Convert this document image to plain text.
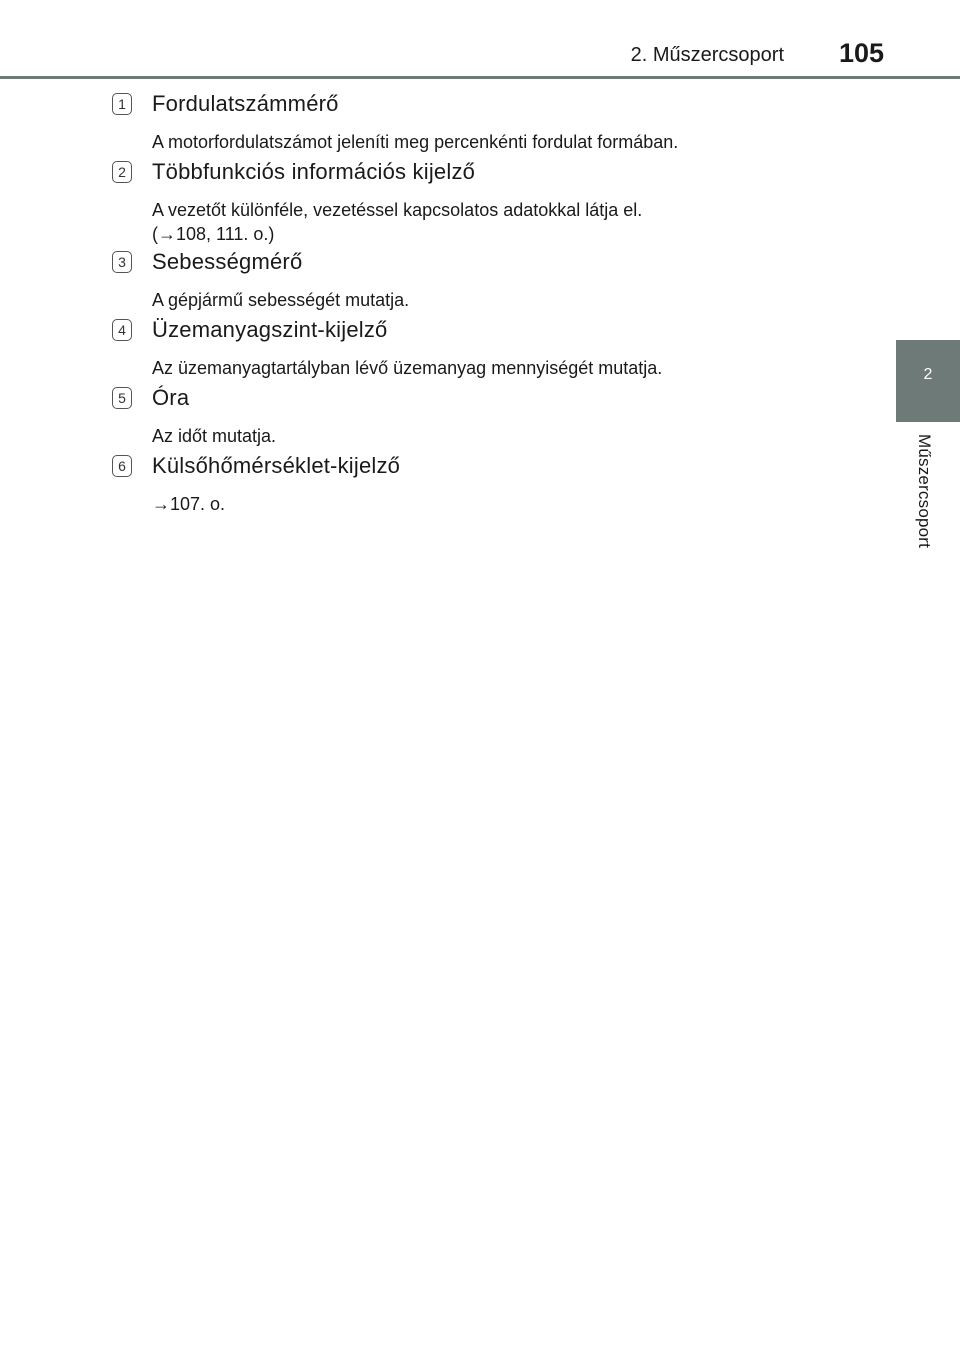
2. Műszercsoport 105
2
Műszercsoport
1 Fordulatszámmérő
A motorfordulatszámot jeleníti meg percenkénti fordulat formában.
2 Többfunkciós információs kijelző
A vezetőt különféle, vezetéssel kapcsolatos adatokkal látja el.
(→108, 111. o.)
3 Sebességmérő
A gépjármű sebességét mutatja.
4 Üzemanyagszint-kijelző
Az üzemanyagtartályban lévő üzemanyag mennyiségét mutatja.
5 Óra
Az időt mutatja.
6 Külsőhőmérséklet-kijelző
→107. o.
